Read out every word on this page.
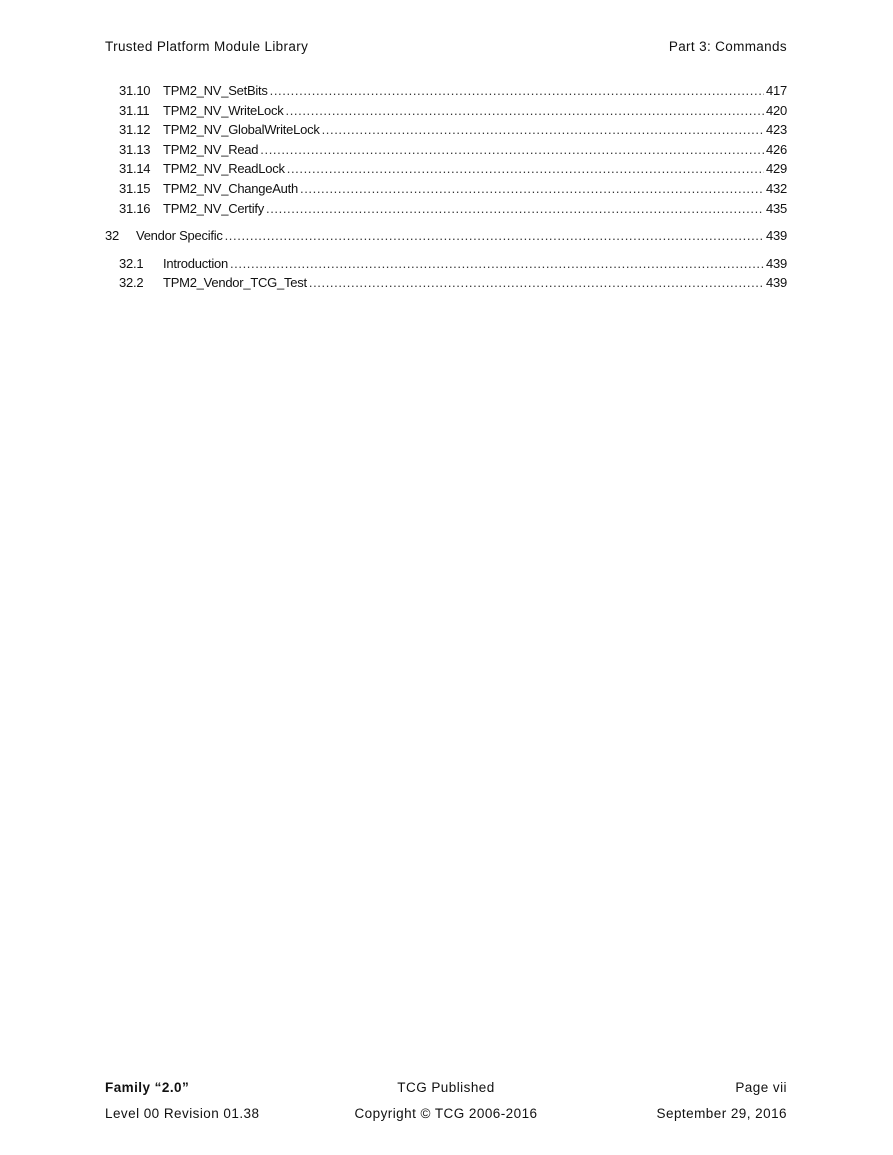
Trusted Platform Module Library	Part 3: Commands
31.10 TPM2_NV_SetBits .....	417
31.11	TPM2_NV_WriteLock .....	420
31.12 TPM2_NV_GlobalWriteLock .....	423
31.13 TPM2_NV_Read .....	426
31.14 TPM2_NV_ReadLock .....	429
31.15 TPM2_NV_ChangeAuth .....	432
31.16 TPM2_NV_Certify .....	435
32	Vendor Specific .....	439
32.1	Introduction .....	439
32.2	TPM2_Vendor_TCG_Test .....	439
Family “2.0”	TCG Published	Page vii
Level 00 Revision 01.38	Copyright © TCG 2006-2016	September 29, 2016
